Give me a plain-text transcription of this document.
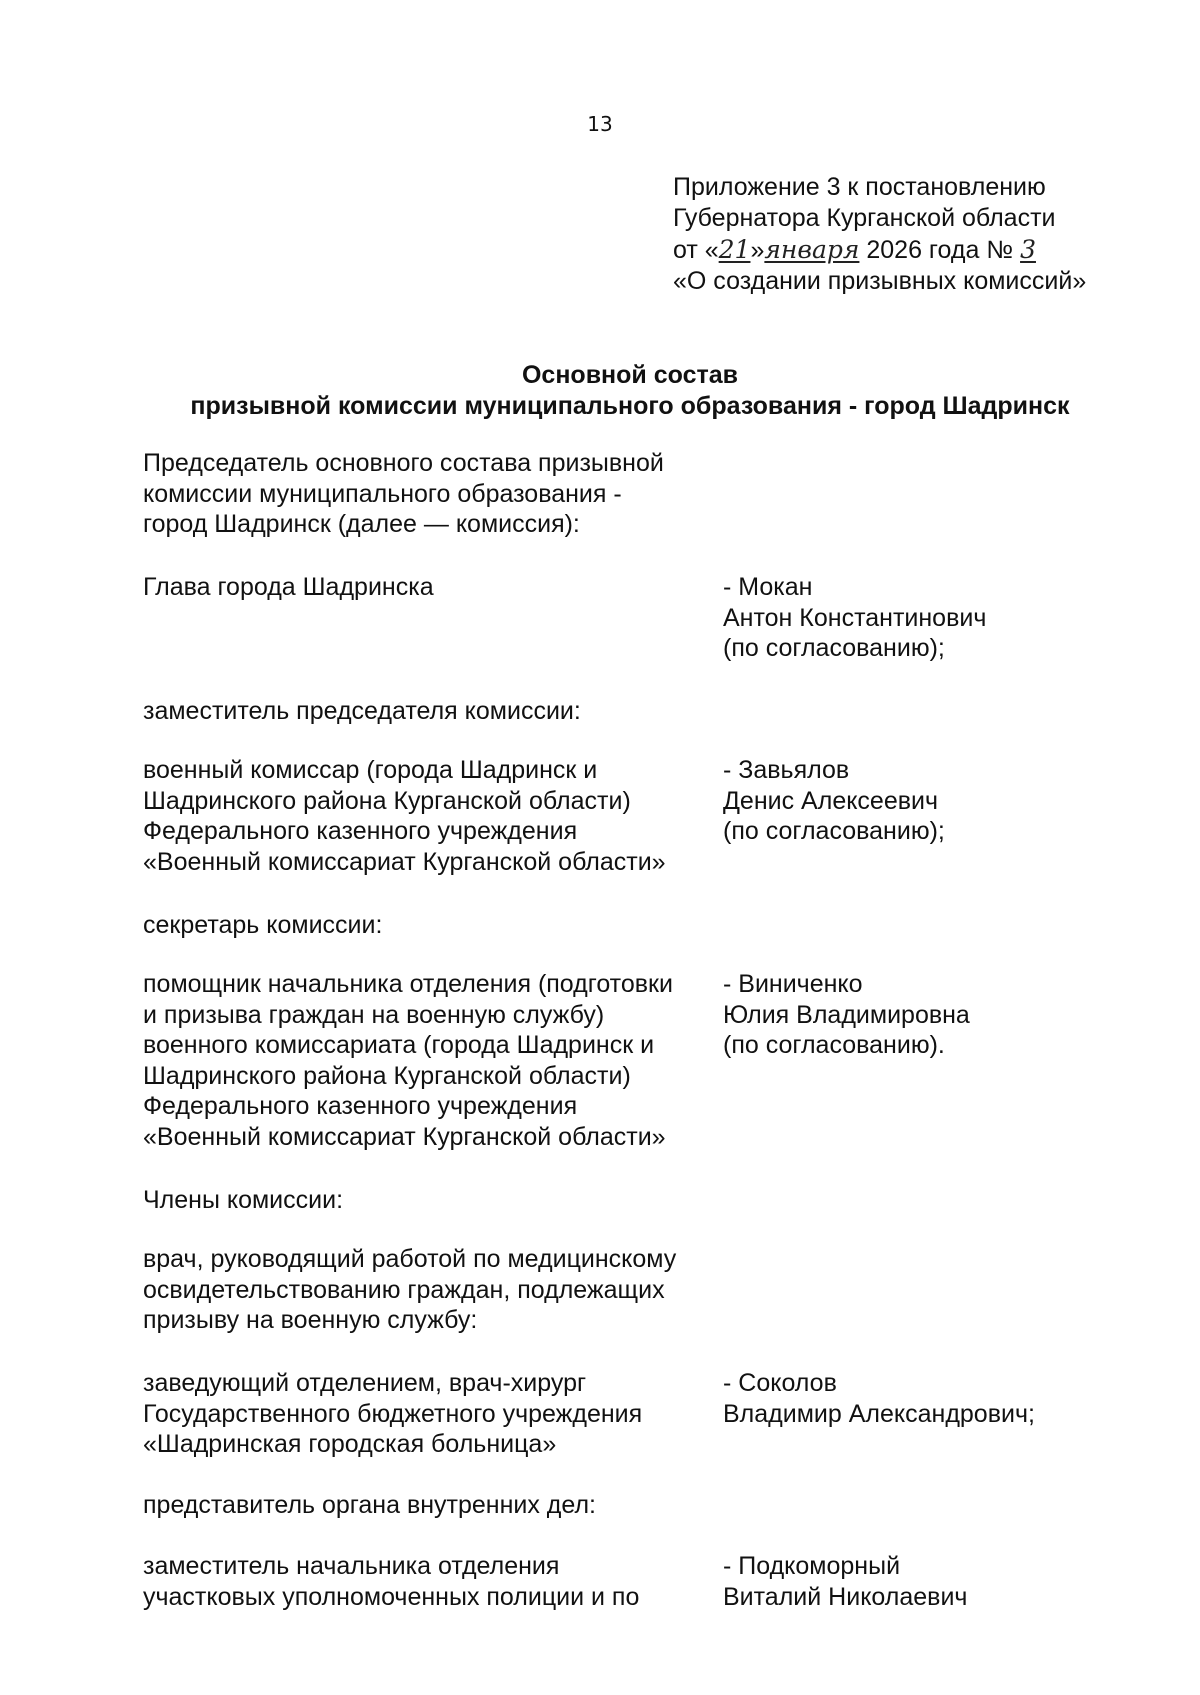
13
Приложение 3 к постановлению
Губернатора Курганской области
от «21»января 2026 года № 3
«О создании призывных комиссий»
Основной состав
призывной комиссии муниципального образования - город Шадринск
Председатель основного состава призывной
комиссии муниципального образования -
город Шадринск (далее — комиссия):
Глава города Шадринска	- Мокан
Антон Константинович
(по согласованию);
заместитель председателя комиссии:
военный комиссар (города Шадринск и
Шадринского района Курганской области)
Федерального казенного учреждения
«Военный комиссариат Курганской области»
- Завьялов
Денис Алексеевич
(по согласованию);
секретарь комиссии:
помощник начальника отделения (подготовки
и призыва граждан на военную службу)
военного комиссариата (города Шадринск и
Шадринского района Курганской области)
Федерального казенного учреждения
«Военный комиссариат Курганской области»
- Виниченко
Юлия Владимировна
(по согласованию).
Члены комиссии:
врач, руководящий работой по медицинскому
освидетельствованию граждан, подлежащих
призыву на военную службу:
заведующий отделением, врач-хирург
Государственного бюджетного учреждения
«Шадринская городская больница»
- Соколов
Владимир Александрович;
представитель органа внутренних дел:
заместитель начальника отделения
участковых уполномоченных полиции и по
- Подкоморный
Виталий Николаевич
